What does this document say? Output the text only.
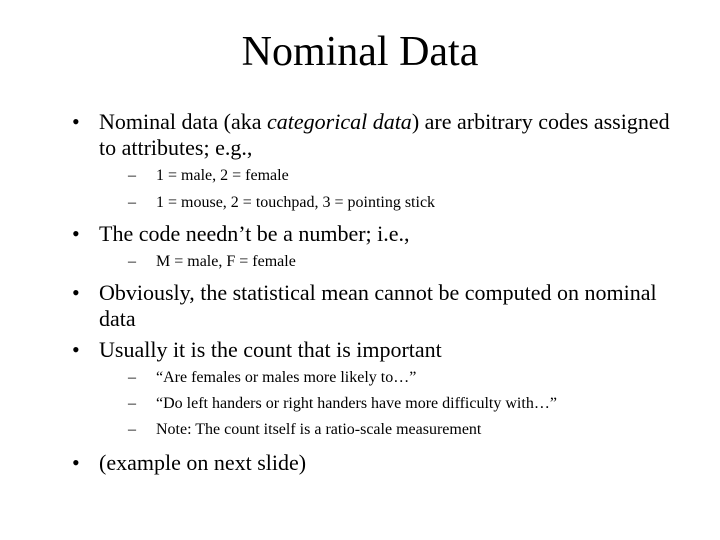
Nominal Data
• Nominal data (aka categorical data) are arbitrary codes assigned to attributes; e.g.,
– 1 = male, 2 = female
– 1 = mouse, 2 = touchpad, 3 = pointing stick
• The code needn’t be a number; i.e.,
– M = male, F = female
• Obviously, the statistical mean cannot be computed on nominal data
• Usually it is the count that is important
– “Are females or males more likely to…”
– “Do left handers or right handers have more difficulty with…”
– Note: The count itself is a ratio-scale measurement
• (example on next slide)
